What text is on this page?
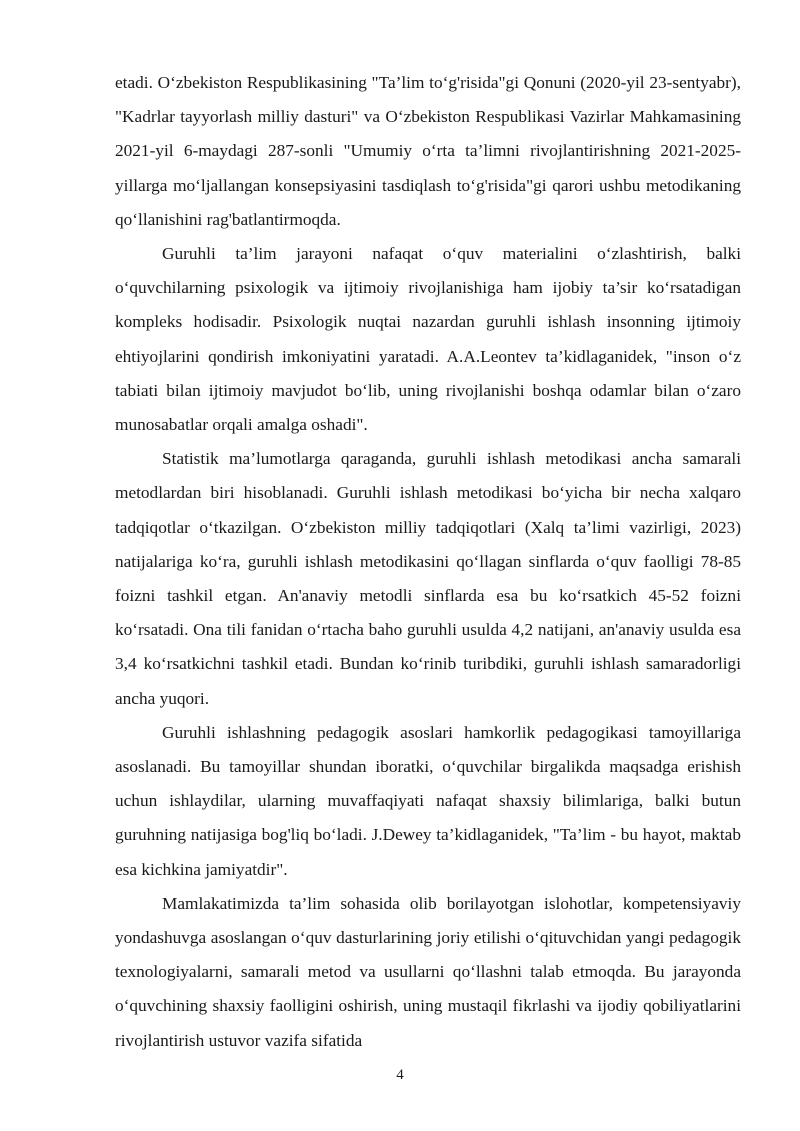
etadi. O‘zbekiston Respublikasining "Ta’lim to‘g'risida"gi Qonuni (2020-yil 23-sentyabr), "Kadrlar tayyorlash milliy dasturi" va O‘zbekiston Respublikasi Vazirlar Mahkamasining 2021-yil 6-maydagi 287-sonli "Umumiy o‘rta ta’limni rivojlantirishning 2021-2025-yillarga mo‘ljallangan konsepsiyasini tasdiqlash to‘g'risida"gi qarori ushbu metodikaning qo‘llanishini rag'batlantirmoqda.

Guruhli ta’lim jarayoni nafaqat o‘quv materialini o‘zlashtirish, balki o‘quvchilarning psixologik va ijtimoiy rivojlanishiga ham ijobiy ta’sir ko‘rsatadigan kompleks hodisadir. Psixologik nuqtai nazardan guruhli ishlash insonning ijtimoiy ehtiyojlarini qondirish imkoniyatini yaratadi. A.A.Leontev ta’kidlaganidek, "inson o‘z tabiati bilan ijtimoiy mavjudot bo‘lib, uning rivojlanishi boshqa odamlar bilan o‘zaro munosabatlar orqali amalga oshadi".

Statistik ma’lumotlarga qaraganda, guruhli ishlash metodikasi ancha samarali metodlardan biri hisoblanadi. Guruhli ishlash metodikasi bo‘yicha bir necha xalqaro tadqiqotlar o‘tkazilgan. O‘zbekiston milliy tadqiqotlari (Xalq ta’limi vazirligi, 2023) natijalariga ko‘ra, guruhli ishlash metodikasini qo‘llagan sinflarda o‘quv faolligi 78-85 foizni tashkil etgan. An'anaviy metodli sinflarda esa bu ko‘rsatkich 45-52 foizni ko‘rsatadi. Ona tili fanidan o‘rtacha baho guruhli usulda 4,2 natijani, an'anaviy usulda esa 3,4 ko‘rsatkichni tashkil etadi. Bundan ko‘rinib turibdiki, guruhli ishlash samaradorligi ancha yuqori.

Guruhli ishlashning pedagogik asoslari hamkorlik pedagogikasi tamoyillariga asoslanadi. Bu tamoyillar shundan iboratki, o‘quvchilar birgalikda maqsadga erishish uchun ishlaydilar, ularning muvaffaqiyati nafaqat shaxsiy bilimlariga, balki butun guruhning natijasiga bog'liq bo‘ladi. J.Dewey ta’kidlaganidek, "Ta’lim - bu hayot, maktab esa kichkina jamiyatdir".

Mamlakatimizda ta’lim sohasida olib borilayotgan islohotlar, kompetensiyaviy yondashuvga asoslangan o‘quv dasturlarining joriy etilishi o‘qituvchidan yangi pedagogik texnologiyalarni, samarali metod va usullarni qo‘llashni talab etmoqda. Bu jarayonda o‘quvchining shaxsiy faolligini oshirish, uning mustaqil fikrlashi va ijodiy qobiliyatlarini rivojlantirish ustuvor vazifa sifatida

4
